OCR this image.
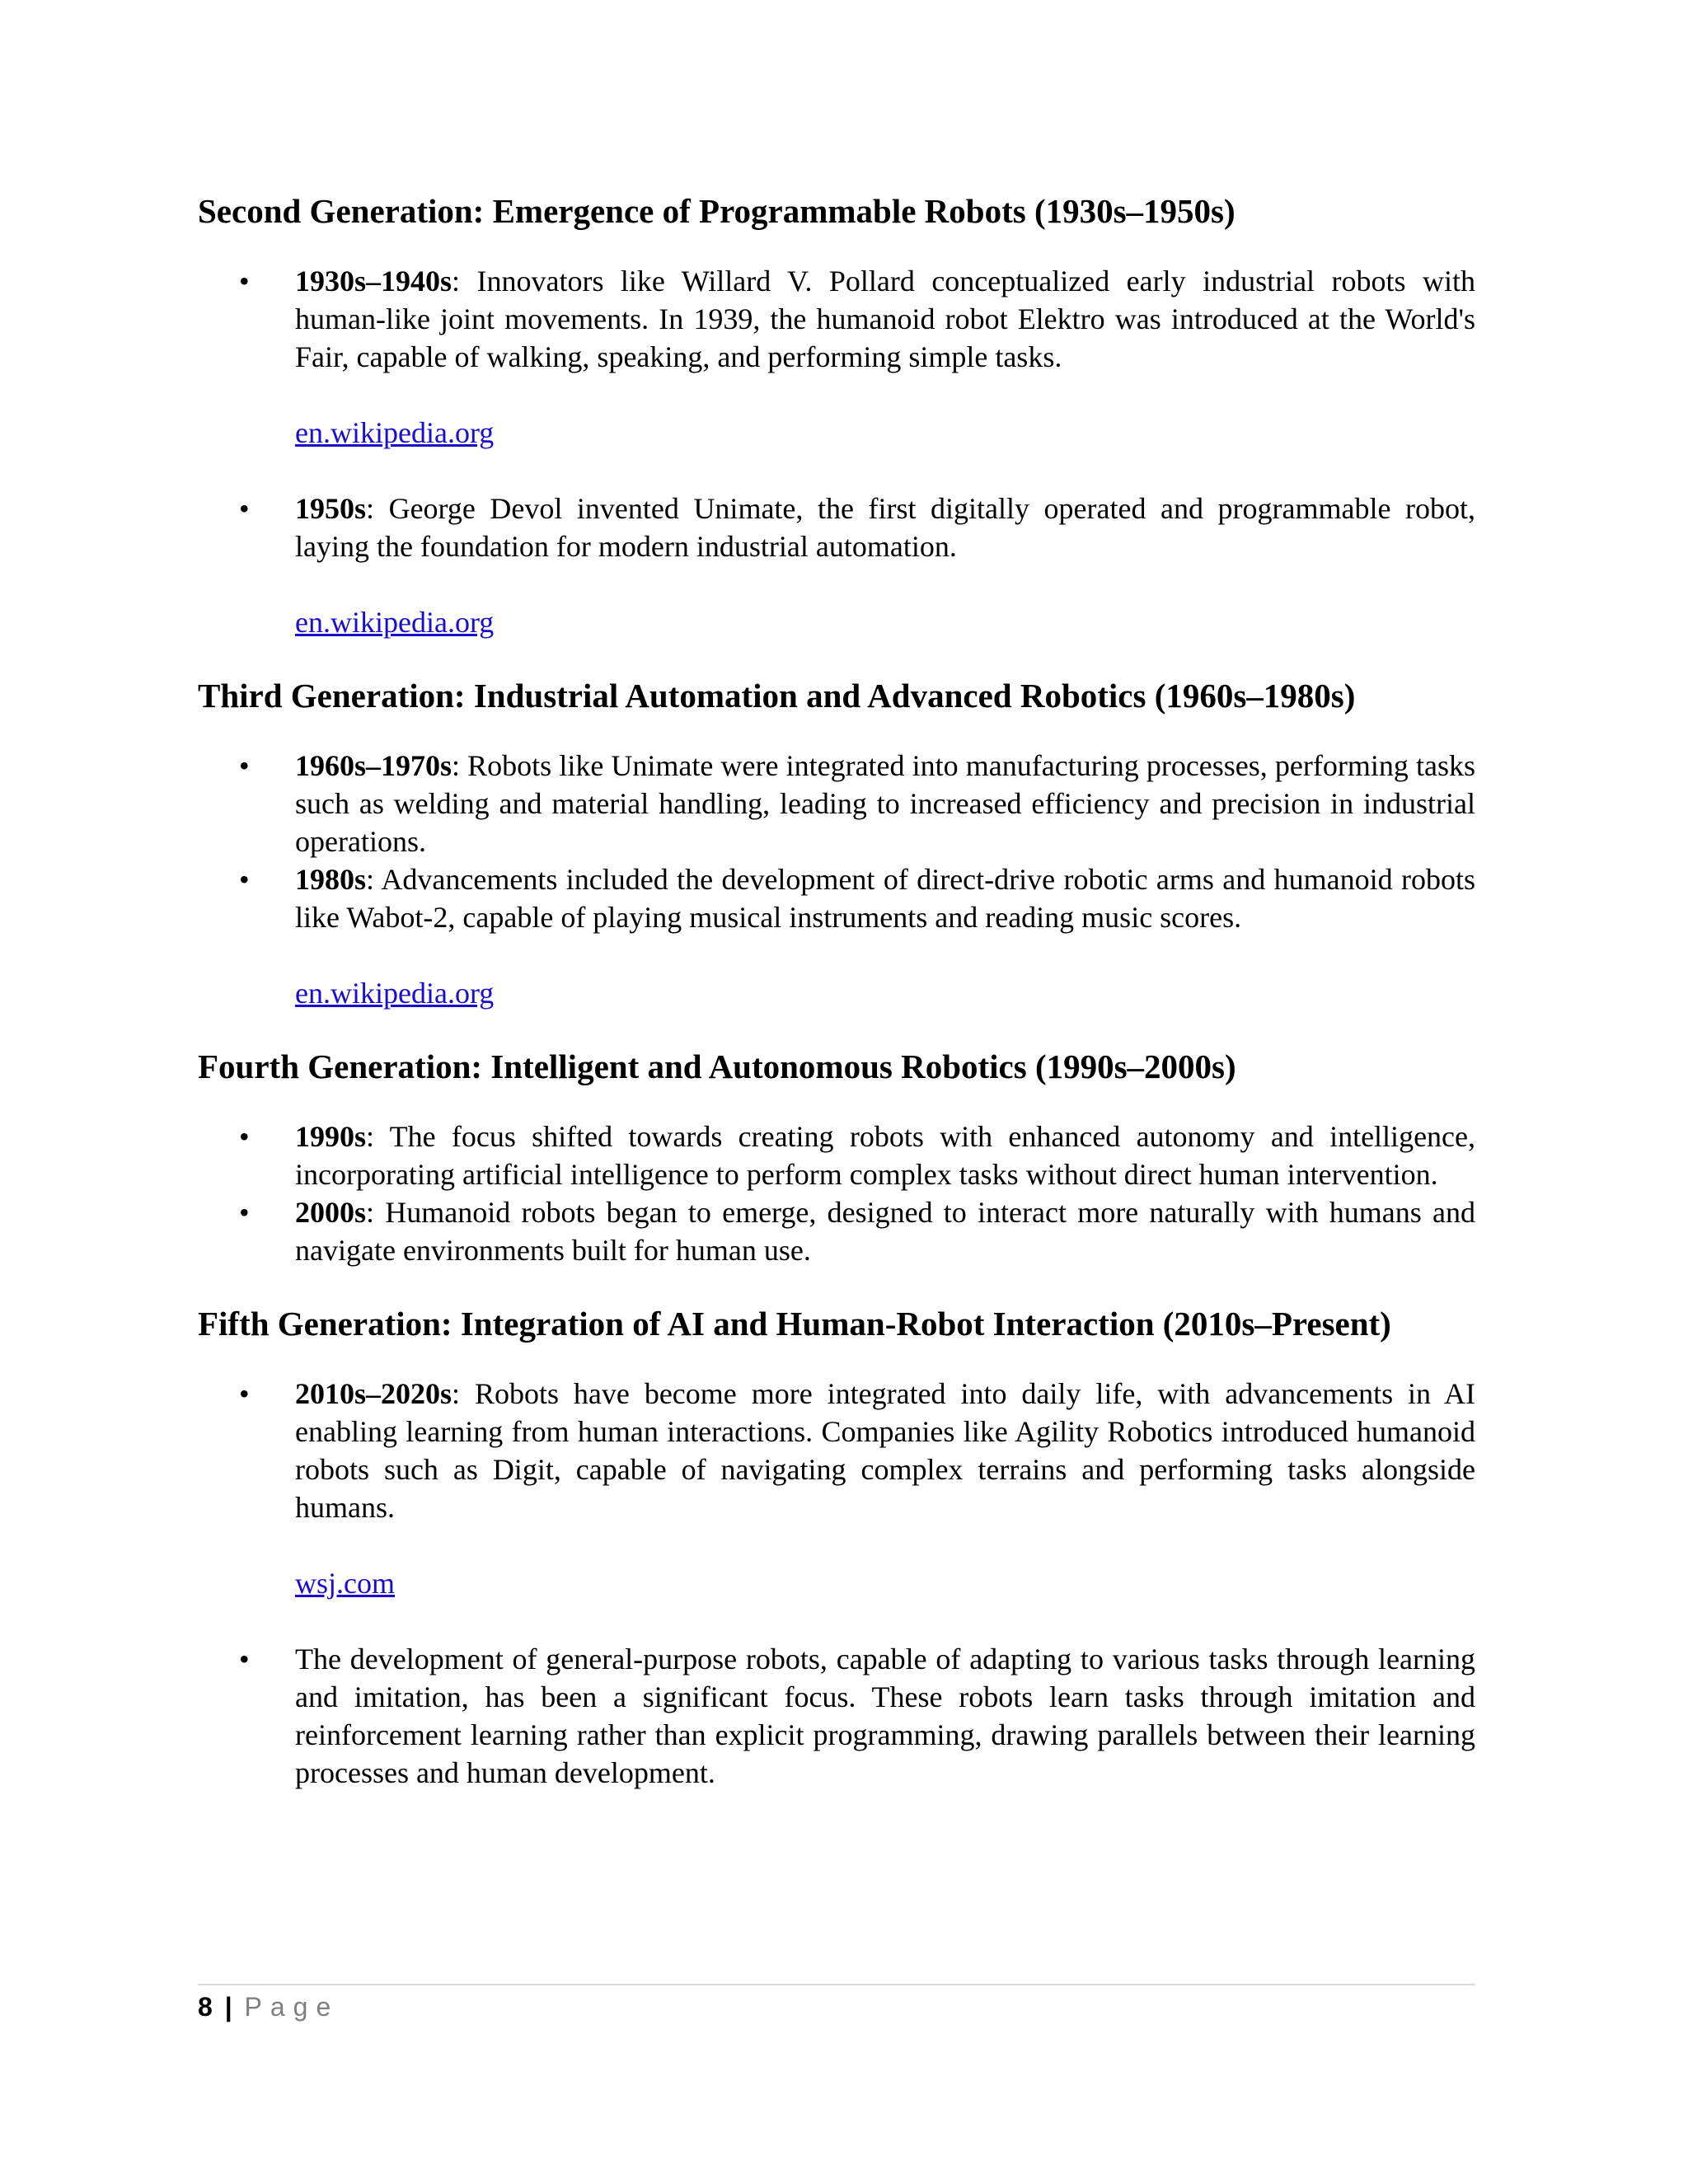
Second Generation: Emergence of Programmable Robots (1930s–1950s)
• 1930s–1940s: Innovators like Willard V. Pollard conceptualized early industrial robots with human-like joint movements. In 1939, the humanoid robot Elektro was introduced at the World's Fair, capable of walking, speaking, and performing simple tasks.
en.wikipedia.org
• 1950s: George Devol invented Unimate, the first digitally operated and programmable robot, laying the foundation for modern industrial automation.
en.wikipedia.org
Third Generation: Industrial Automation and Advanced Robotics (1960s–1980s)
• 1960s–1970s: Robots like Unimate were integrated into manufacturing processes, performing tasks such as welding and material handling, leading to increased efficiency and precision in industrial operations.
• 1980s: Advancements included the development of direct-drive robotic arms and humanoid robots like Wabot-2, capable of playing musical instruments and reading music scores.
en.wikipedia.org
Fourth Generation: Intelligent and Autonomous Robotics (1990s–2000s)
• 1990s: The focus shifted towards creating robots with enhanced autonomy and intelligence, incorporating artificial intelligence to perform complex tasks without direct human intervention.
• 2000s: Humanoid robots began to emerge, designed to interact more naturally with humans and navigate environments built for human use.
Fifth Generation: Integration of AI and Human-Robot Interaction (2010s–Present)
• 2010s–2020s: Robots have become more integrated into daily life, with advancements in AI enabling learning from human interactions. Companies like Agility Robotics introduced humanoid robots such as Digit, capable of navigating complex terrains and performing tasks alongside humans.
wsj.com
• The development of general-purpose robots, capable of adapting to various tasks through learning and imitation, has been a significant focus. These robots learn tasks through imitation and reinforcement learning rather than explicit programming, drawing parallels between their learning processes and human development.
8 | Page
